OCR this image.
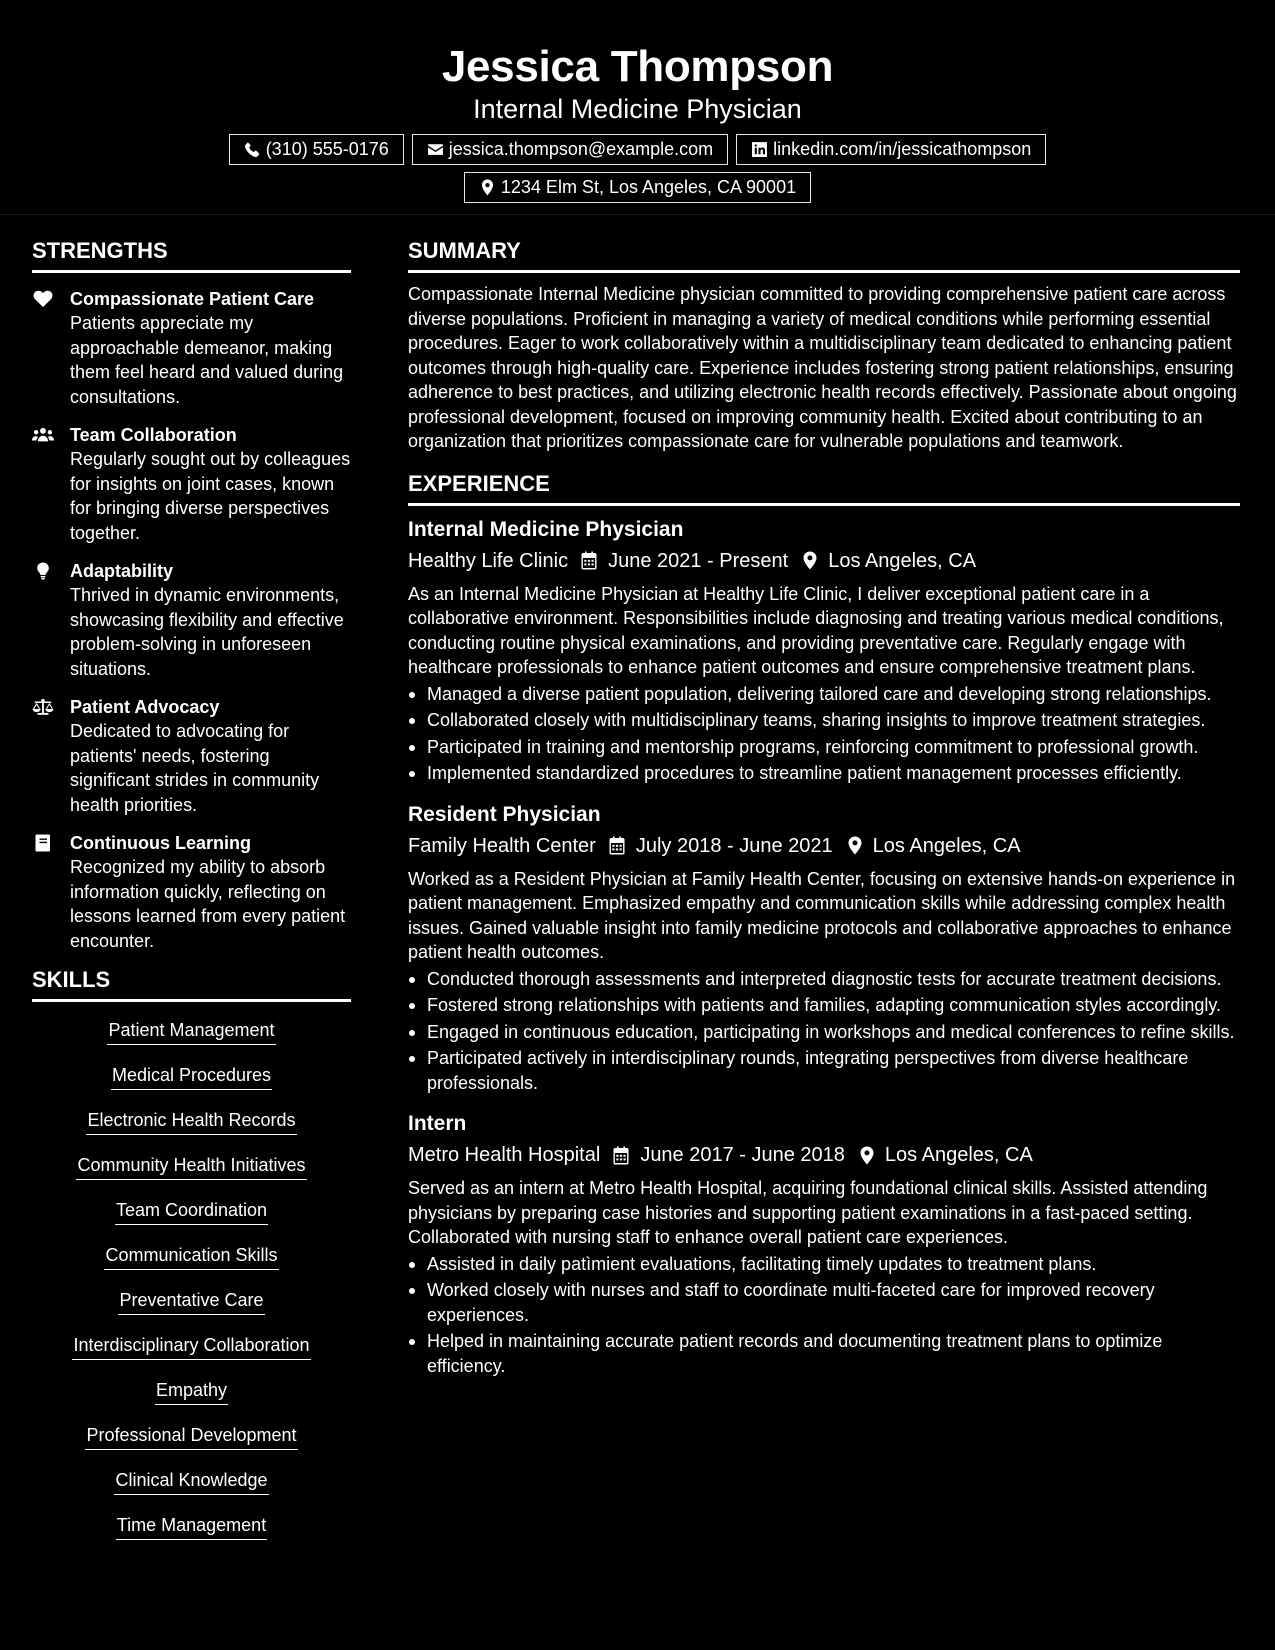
Jessica Thompson
Internal Medicine Physician
(310) 555-0176	jessica.thompson@example.com	linkedin.com/in/jessicathompson
1234 Elm St, Los Angeles, CA 90001
STRENGTHS
Compassionate Patient Care
Patients appreciate my approachable demeanor, making them feel heard and valued during consultations.
Team Collaboration
Regularly sought out by colleagues for insights on joint cases, known for bringing diverse perspectives together.
Adaptability
Thrived in dynamic environments, showcasing flexibility and effective problem-solving in unforeseen situations.
Patient Advocacy
Dedicated to advocating for patients' needs, fostering significant strides in community health priorities.
Continuous Learning
Recognized my ability to absorb information quickly, reflecting on lessons learned from every patient encounter.
SKILLS
Patient Management
Medical Procedures
Electronic Health Records
Community Health Initiatives
Team Coordination
Communication Skills
Preventative Care
Interdisciplinary Collaboration
Empathy
Professional Development
Clinical Knowledge
Time Management
SUMMARY
Compassionate Internal Medicine physician committed to providing comprehensive patient care across diverse populations. Proficient in managing a variety of medical conditions while performing essential procedures. Eager to work collaboratively within a multidisciplinary team dedicated to enhancing patient outcomes through high-quality care. Experience includes fostering strong patient relationships, ensuring adherence to best practices, and utilizing electronic health records effectively. Passionate about ongoing professional development, focused on improving community health. Excited about contributing to an organization that prioritizes compassionate care for vulnerable populations and teamwork.
EXPERIENCE
Internal Medicine Physician
Healthy Life Clinic June 2021 - Present Los Angeles, CA
As an Internal Medicine Physician at Healthy Life Clinic, I deliver exceptional patient care in a collaborative environment. Responsibilities include diagnosing and treating various medical conditions, conducting routine physical examinations, and providing preventative care. Regularly engage with healthcare professionals to enhance patient outcomes and ensure comprehensive treatment plans.
Managed a diverse patient population, delivering tailored care and developing strong relationships.
Collaborated closely with multidisciplinary teams, sharing insights to improve treatment strategies.
Participated in training and mentorship programs, reinforcing commitment to professional growth.
Implemented standardized procedures to streamline patient management processes efficiently.
Resident Physician
Family Health Center July 2018 - June 2021 Los Angeles, CA
Worked as a Resident Physician at Family Health Center, focusing on extensive hands-on experience in patient management. Emphasized empathy and communication skills while addressing complex health issues. Gained valuable insight into family medicine protocols and collaborative approaches to enhance patient health outcomes.
Conducted thorough assessments and interpreted diagnostic tests for accurate treatment decisions.
Fostered strong relationships with patients and families, adapting communication styles accordingly.
Engaged in continuous education, participating in workshops and medical conferences to refine skills.
Participated actively in interdisciplinary rounds, integrating perspectives from diverse healthcare professionals.
Intern
Metro Health Hospital June 2017 - June 2018 Los Angeles, CA
Served as an intern at Metro Health Hospital, acquiring foundational clinical skills. Assisted attending physicians by preparing case histories and supporting patient examinations in a fast-paced setting. Collaborated with nursing staff to enhance overall patient care experiences.
Assisted in daily patìmient evaluations, facilitating timely updates to treatment plans.
Worked closely with nurses and staff to coordinate multi-faceted care for improved recovery experiences.
Helped in maintaining accurate patient records and documenting treatment plans to optimize efficiency.
